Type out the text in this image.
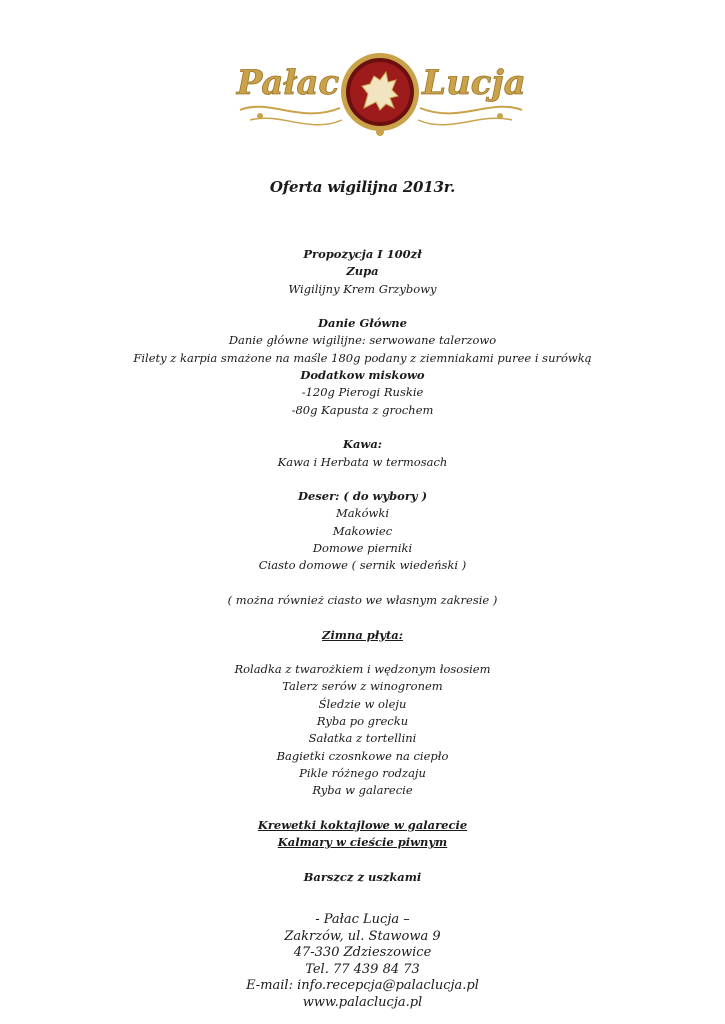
Pałac Lucja
Oferta wigilijna 2013r.
Propozycja I 100zł
Zupa
Wigilijny Krem Grzybowy
Danie Główne
Danie główne wigilijne: serwowane talerzowo
Filety z karpia smażone na maśle 180g podany z ziemniakami puree i surówką
Dodatkow miskowo
-120g Pierogi Ruskie
-80g Kapusta z grochem
Kawa:
Kawa i Herbata w termosach
Deser: ( do wybory )
Makówki
Makowiec
Domowe pierniki
Ciasto domowe ( sernik wiedeński )
( można również ciasto we własnym zakresie )
Zimna płyta:
Roladka z twarożkiem i wędzonym łososiem
Talerz serów z winogronem
Śledzie w oleju
Ryba po grecku
Sałatka z tortellini
Bagietki czosnkowe na ciepło
Pikle różnego rodzaju
Ryba w galarecie
Krewetki koktajlowe w galarecie
Kalmary w cieście piwnym
Barszcz z uszkami
- Pałac Lucja –
Zakrzów, ul. Stawowa 9
47-330 Zdzieszowice
Tel. 77 439 84 73
E-mail: info.recepcja@palaclucja.pl
www.palaclucja.pl
